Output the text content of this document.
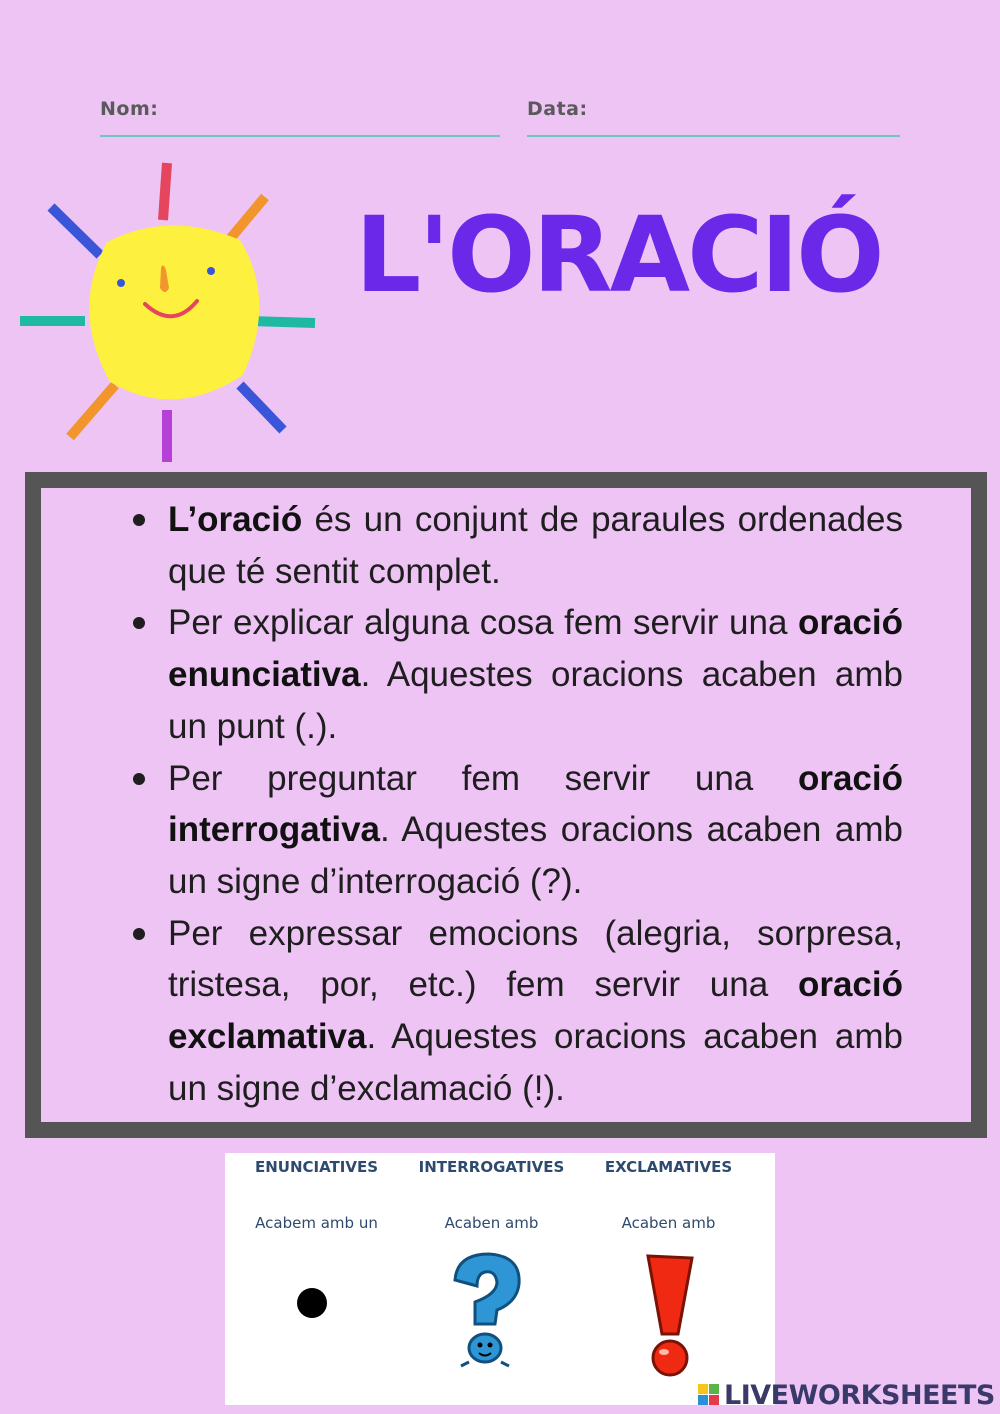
Nom:	Data:
L'ORACIÓ
L’oració és un conjunt de paraules ordenades que té sentit complet.
Per explicar alguna cosa fem servir una oració enunciativa. Aquestes oracions acaben amb un punt (.).
Per preguntar fem servir una oració interrogativa. Aquestes oracions acaben amb un signe d’interrogació (?).
Per expressar emocions (alegria, sorpresa, tristesa, por, etc.) fem servir una oració exclamativa. Aquestes oracions acaben amb un signe d’exclamació (!).
ENUNCIATIVES
Acabem amb un
INTERROGATIVES
Acaben amb
EXCLAMATIVES
Acaben amb
LIVEWORKSHEETS
